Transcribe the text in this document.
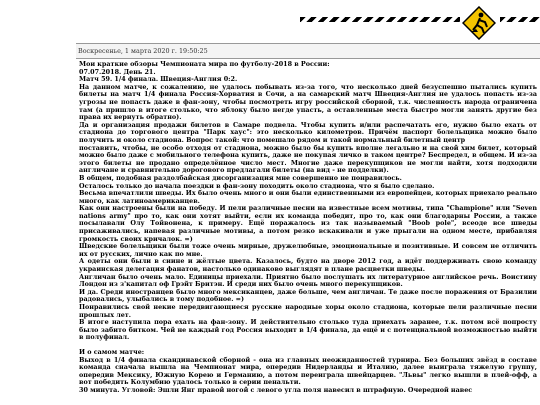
Воскресенье, 1 марта 2020 г. 19:50:25

Мои краткие обзоры Чемпионата мира по футболу-2018 в России:

07.07.2018. День 21.

Матч 59. 1/4 финала. Швеция-Англия 0:2.

На данном матче, к сожалению, не удалось побывать из-за того, что несколько дней безуспешно пытались купить билеты на матч 1/4 финала Россия-Хорватия в Сочи, а на самарский матч Швеция-Англия не удалось попасть из-за угрозы не попасть даже в фан-зону, чтобы посмотреть игру российской сборной, т.к. численность народа ограничена там (а пришло в итоге столько, что яблоку было негде упасть, а оставленные места быстро могли занять другие без права их вернуть обратно).

Да и организация продажи билетов в Самаре подвела. Чтобы купить и/или распечатать его, нужно было ехать от стадиона до торгового центра "Парк хаус": это несколько километров. Причём паспорт болельщика можно было получить и около стадиона. Вопрос такой: что помешало рядом и такой нормальный билетный центр

поставить, чтобы, не особо отходя от стадиона, можно было бы купить вполне легально и на свой хим билет, который можно было даже с мобильного телефона купить, даже не покупая личко в таком центре? Беспредел, в общем. И из-за этого билеты не продано определённое число мест. Многие даже перекупщиков не могли найти, хотя подходили англичане и сравнительно дорогового предлагали билеты (на вид - не подделки).

В общем, подобная раздолбайская дисорганизация мне совершенно не понравилось.

Осталось только до начала поездки в фан-зону походить около стадиона, что я было сделано.

Весьма впечатлили шведы. Их было очень много и они были единственными из европейцев, которых приехало реально много, как латиноамериканцев.

Как они настроены были на победу. И пели различные песни на известные всем мотивы, типа "Champione" или "Seven nations army" про то, как они хотят выйти, если их команда победит, про то, как они благодарны России, а также посылавали Олу Тойвонена, к примеру. Ещё поражалось из так называемый "Boob pole", всеоде все шведы присаживались, напевая различные мотивы, а потом резко вскакивали и уже прыгали на одном месте, прибавляя громкость своих кричалок. =)

Шведские болельщики были тоже очень мирные, дружелюбные, эмоциональные и позитивные. И совсем не отличить их от русских, лично как по мне.

А одеты они были в сиине и жёлтые цвета. Казалось, будто на дворе 2012 год, а идёт поддерживать свою команду украинская делегация фанатов, настолько одинаково выглядят в плане расцветки шведы.

Англичан было очень мало. Единицы приехали. Приятно было послушать их литературное английское речь. Воистину Лондон из з'капитал оф Грэйт Бритэн. И среди них было очень много перекупщиков.

И да. Среди иностранцев было много мексиканцев, даже больше, чем англичан. Те даже после поражения от Бразилии радовались, улыбались в тому подобное. =)

Понравились свой некие передвигающиеся русские народные хоры около стадиона, которые пели различные песни прошлых лет.

В итоге наступила пора ехать на фан-зону. И действительно столько туда приехать заранее, т.к. потом всё попросту было забито битком. Чей не каждый год Россия выходит в 1/4 финала, да ещё и с потенциальной возможностью выйти в полуфинал.

И о самом матче:

Выход в 1/4 финала скандинавской сборной - она из главных неожиданностей турнира. Без больших звёзд в составе команда сначала вышла на Чемпионат мира, опередив Нидерланды и Италию, далее выиграла тяжелую группу, опередив Мексику, Южную Корею и Германию, а потом переиграла швейцарцев. "Львы" легко вышли в плей-офф, а вот победить Колумбию удалось только в серии пенальти.

30 минута. Угловой: Эшли Янг правой ногой с левого угла поля навесил в штрафную. Очередной навес
